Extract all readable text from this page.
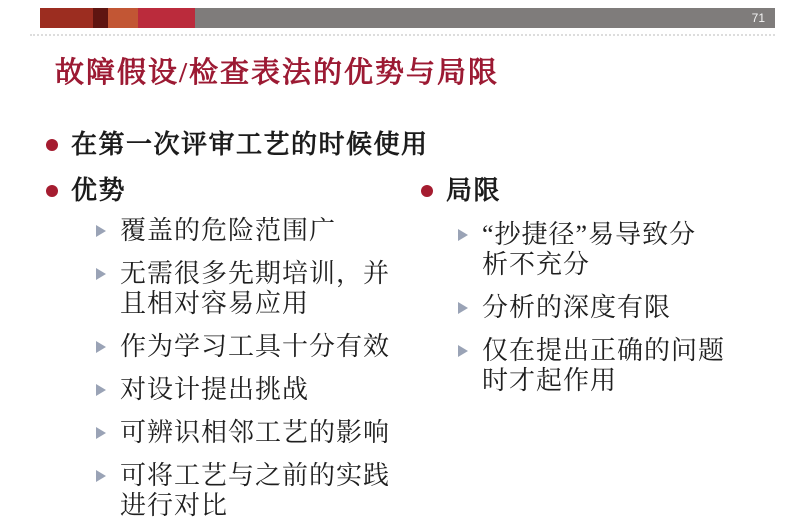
71
故障假设/检查表法的优势与局限
在第一次评审工艺的时候使用
优势	局限
覆盖的危险范围广
无需很多先期培训，并
且相对容易应用
作为学习工具十分有效
对设计提出挑战
可辨识相邻工艺的影响
可将工艺与之前的实践
进行对比
“抄捷径”易导致分
析不充分
分析的深度有限
仅在提出正确的问题
时才起作用
